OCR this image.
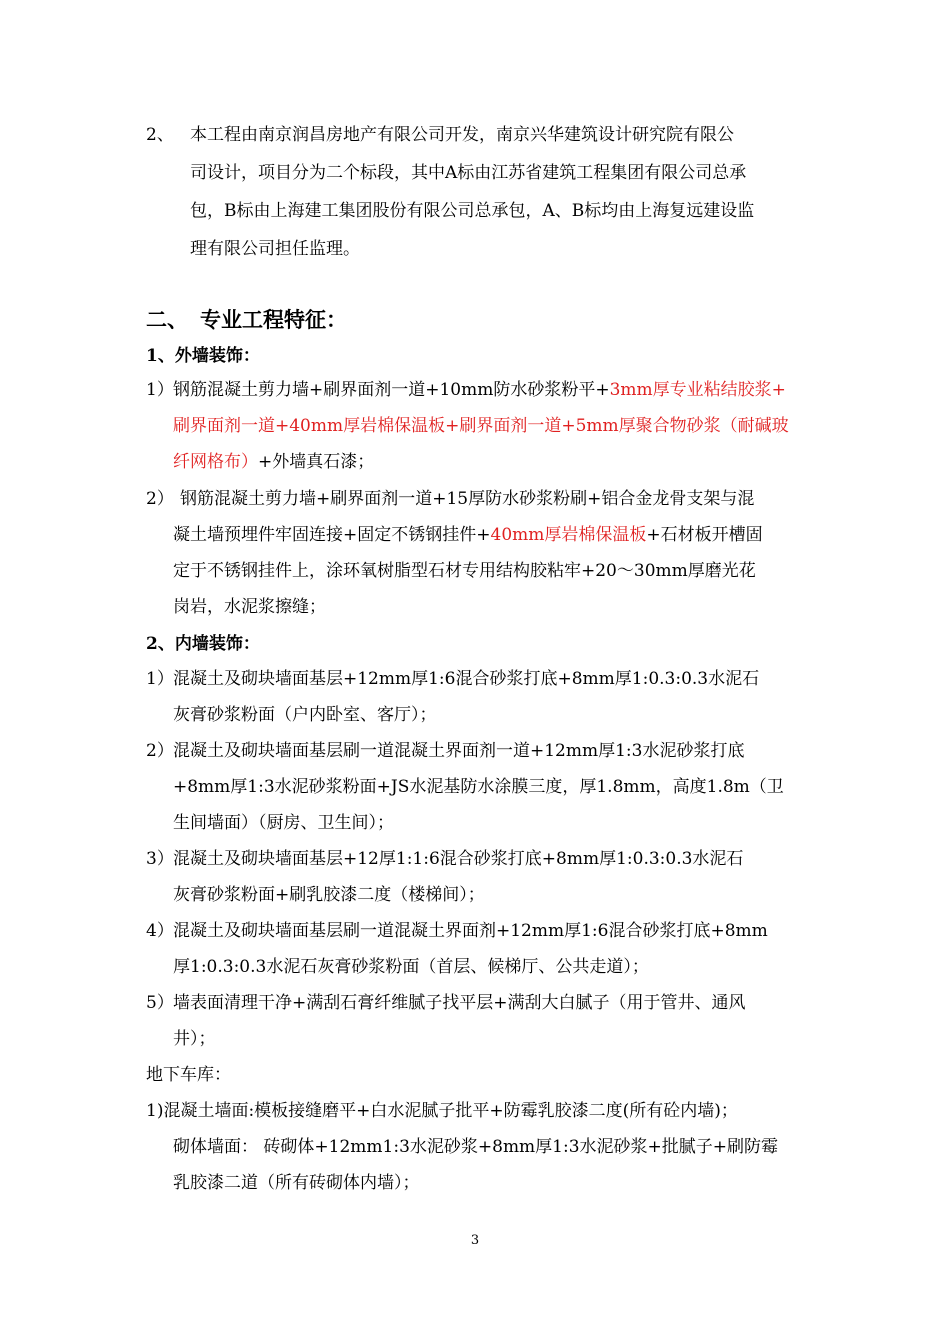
2、 本工程由南京润昌房地产有限公司开发，南京兴华建筑设计研究院有限公
司设计，项目分为二个标段，其中A标由江苏省建筑工程集团有限公司总承
包，B标由上海建工集团股份有限公司总承包，A、B标均由上海复远建设监
理有限公司担任监理。
二、 专业工程特征：
1、外墙装饰：
1） 钢筋混凝土剪力墙+刷界面剂一道+10mm防水砂浆粉平+3mm厚专业粘结胶浆+
刷界面剂一道+40mm厚岩棉保温板+刷界面剂一道+5mm厚聚合物砂浆（耐碱玻
纤网格布）+外墙真石漆；
2） 钢筋混凝土剪力墙+刷界面剂一道+15厚防水砂浆粉刷+铝合金龙骨支架与混
凝土墙预埋件牢固连接+固定不锈钢挂件+40mm厚岩棉保温板+石材板开槽固
定于不锈钢挂件上，涂环氧树脂型石材专用结构胶粘牢+20～30mm厚磨光花
岗岩，水泥浆擦缝；
2、内墙装饰：
1） 混凝土及砌块墙面基层+12mm厚1:6混合砂浆打底+8mm厚1:0.3:0.3水泥石
灰膏砂浆粉面（户内卧室、客厅）；
2） 混凝土及砌块墙面基层刷一道混凝土界面剂一道+12mm厚1:3水泥砂浆打底
+8mm厚1:3水泥砂浆粉面+JS水泥基防水涂膜三度，厚1.8mm，高度1.8m（卫
生间墙面）（厨房、卫生间）；
3） 混凝土及砌块墙面基层+12厚1:1:6混合砂浆打底+8mm厚1:0.3:0.3水泥石
灰膏砂浆粉面+刷乳胶漆二度（楼梯间）；
4） 混凝土及砌块墙面基层刷一道混凝土界面剂+12mm厚1:6混合砂浆打底+8mm
厚1:0.3:0.3水泥石灰膏砂浆粉面（首层、候梯厅、公共走道）；
5） 墙表面清理干净+满刮石膏纤维腻子找平层+满刮大白腻子（用于管井、通风
井）；
地下车库：
1)混凝土墙面:模板接缝磨平+白水泥腻子批平+防霉乳胶漆二度(所有砼内墙)；
砌体墙面： 砖砌体+12mm1:3水泥砂浆+8mm厚1:3水泥砂浆+批腻子+刷防霉
乳胶漆二道（所有砖砌体内墙）；
3
